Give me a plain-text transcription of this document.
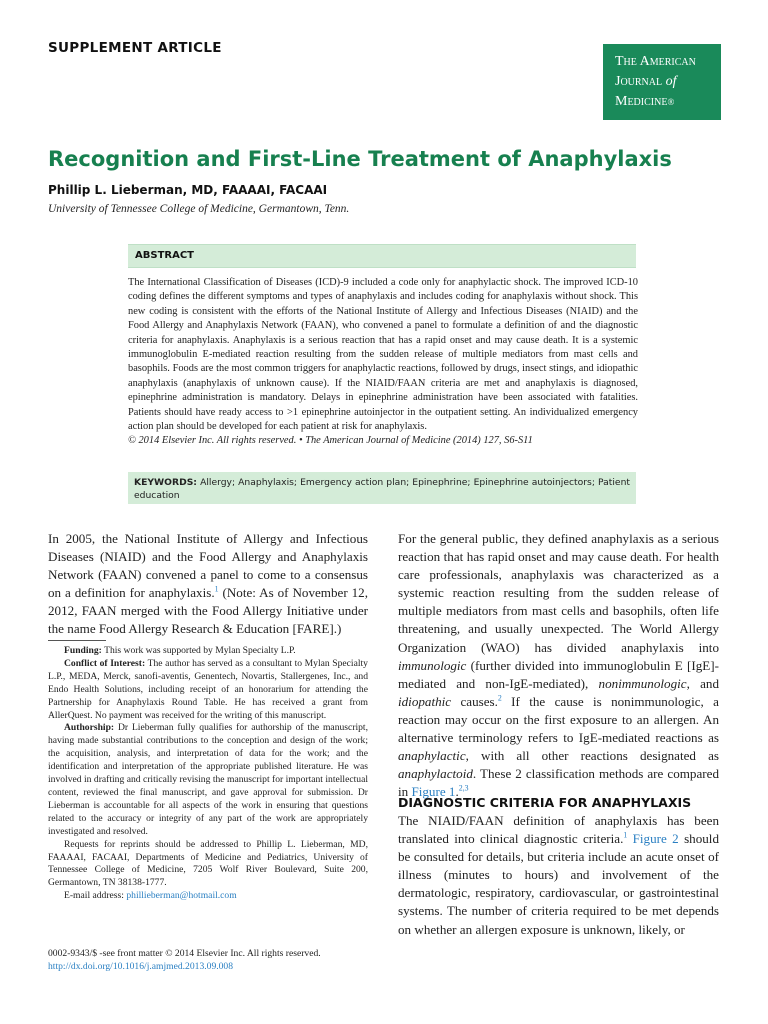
SUPPLEMENT ARTICLE
The American
Journal of
Medicine®
Recognition and First-Line Treatment of Anaphylaxis
Phillip L. Lieberman, MD, FAAAAI, FACAAI
University of Tennessee College of Medicine, Germantown, Tenn.
ABSTRACT

The International Classification of Diseases (ICD)-9 included a code only for anaphylactic shock. The improved ICD-10 coding defines the different symptoms and types of anaphylaxis and includes coding for anaphylaxis without shock. This new coding is consistent with the efforts of the National Institute of Allergy and Infectious Diseases (NIAID) and the Food Allergy and Anaphylaxis Network (FAAN), who convened a panel to formulate a definition of and the diagnostic criteria for anaphylaxis. Anaphylaxis is a serious reaction that has a rapid onset and may cause death. It is a systemic immunoglobulin E-mediated reaction resulting from the sudden release of multiple mediators from mast cells and basophils. Foods are the most common triggers for anaphylactic reactions, followed by drugs, insect stings, and idiopathic anaphylaxis (anaphylaxis of unknown cause). If the NIAID/FAAN criteria are met and anaphylaxis is diagnosed, epinephrine administration is mandatory. Delays in epinephrine administration have been associated with fatalities. Patients should have ready access to >1 epinephrine autoinjector in the outpatient setting. An individualized emergency action plan should be developed for each patient at risk for anaphylaxis.

© 2014 Elsevier Inc. All rights reserved. • The American Journal of Medicine (2014) 127, S6-S11

KEYWORDS: Allergy; Anaphylaxis; Emergency action plan; Epinephrine; Epinephrine autoinjectors; Patient education

In 2005, the National Institute of Allergy and Infectious Diseases (NIAID) and the Food Allergy and Anaphylaxis Network (FAAN) convened a panel to come to a consensus on a definition for anaphylaxis.$^1$ (Note: As of November 12, 2012, FAAN merged with the Food Allergy Initiative under the name Food Allergy Research & Education [FARE].)

Funding: This work was supported by Mylan Specialty L.P.

Conflict of Interest: The author has served as a consultant to Mylan Specialty L.P., MEDA, Merck, sanofi-aventis, Genentech, Novartis, Stallergenes, Inc., and Endo Health Solutions, including receipt of an honorarium for attending the Partnership for Anaphylaxis Round Table. He has received a grant from AllerQuest. No payment was received for the writing of this manuscript.

Authorship: Dr Lieberman fully qualifies for authorship of the manuscript, having made substantial contributions to the conception and design of the work; the acquisition, analysis, and interpretation of data for the work; and the identification and interpretation of the appropriate published literature. He was involved in drafting and critically revising the manuscript for important intellectual content, reviewed the final manuscript, and gave approval for submission. Dr Lieberman is accountable for all aspects of the work in ensuring that questions related to the accuracy or integrity of any part of the work are appropriately investigated and resolved.

Requests for reprints should be addressed to Phillip L. Lieberman, MD, FAAAAI, FACAAI, Departments of Medicine and Pediatrics, University of Tennessee College of Medicine, 7205 Wolf River Boulevard, Suite 200, Germantown, TN 38138-1777.

E-mail address: phillieberman@hotmail.com

0002-9343/$ -see front matter © 2014 Elsevier Inc. All rights reserved.

http://dx.doi.org/10.1016/j.amjmed.2013.09.008

For the general public, they defined anaphylaxis as a serious reaction that has rapid onset and may cause death. For health care professionals, anaphylaxis was characterized as a systemic reaction resulting from the sudden release of multiple mediators from mast cells and basophils, often life threatening, and usually unexpected. The World Allergy Organization (WAO) has divided anaphylaxis into immunologic (further divided into immunoglobulin E [IgE]-mediated and non-IgE-mediated), nonimmunologic, and idiopathic causes.$^2$ If the cause is nonimmunologic, a reaction may occur on the first exposure to an allergen. An alternative terminology refers to IgE-mediated reactions as anaphylactic, with all other reactions designated as anaphylactoid. These 2 classification methods are compared in Figure 1.$^{2,3}$

DIAGNOSTIC CRITERIA FOR ANAPHYLAXIS

The NIAID/FAAN definition of anaphylaxis has been translated into clinical diagnostic criteria.$^1$ Figure 2 should be consulted for details, but criteria include an acute onset of illness (minutes to hours) and involvement of the dermatologic, respiratory, cardiovascular, or gastrointestinal systems. The number of criteria required to be met depends on whether an allergen exposure is unknown, likely, or
